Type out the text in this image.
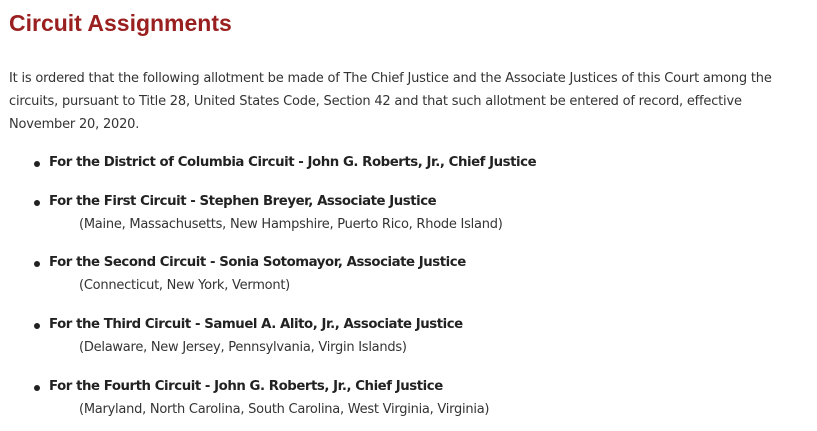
Circuit Assignments

It is ordered that the following allotment be made of The Chief Justice and the Associate Justices of this Court among the
circuits, pursuant to Title 28, United States Code, Section 42 and that such allotment be entered of record, effective
November 20, 2020.

For the District of Columbia Circuit - John G. Roberts, Jr., Chief Justice
For the First Circuit - Stephen Breyer, Associate Justice
(Maine, Massachusetts, New Hampshire, Puerto Rico, Rhode Island)
For the Second Circuit - Sonia Sotomayor, Associate Justice
(Connecticut, New York, Vermont)
For the Third Circuit - Samuel A. Alito, Jr., Associate Justice
(Delaware, New Jersey, Pennsylvania, Virgin Islands)
For the Fourth Circuit - John G. Roberts, Jr., Chief Justice
(Maryland, North Carolina, South Carolina, West Virginia, Virginia)
